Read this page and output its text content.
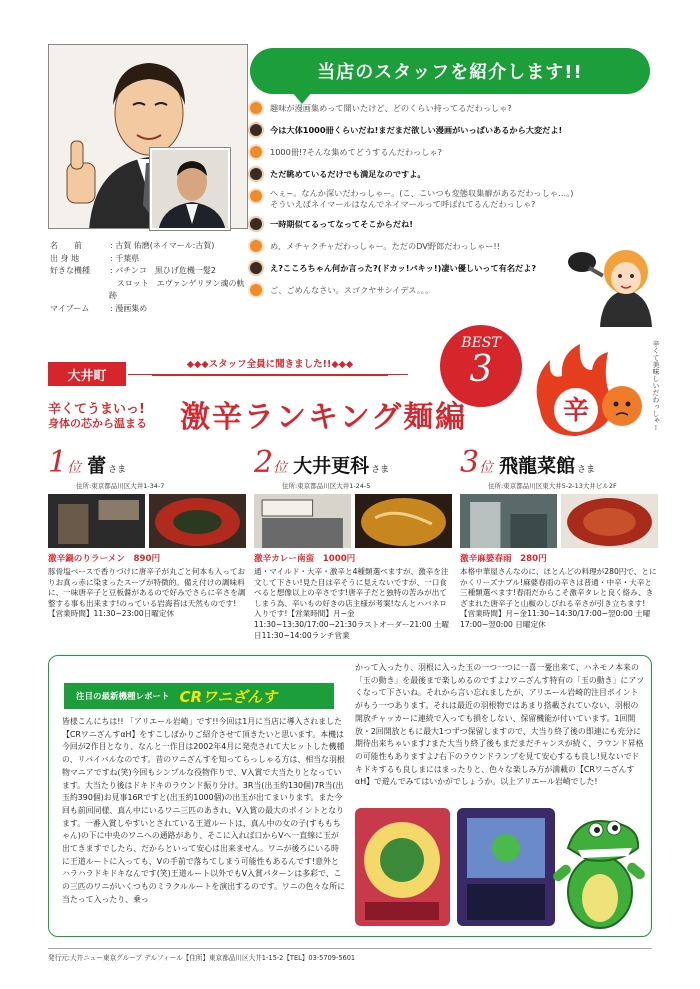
名　　前	: 古賀 佑磨(ネイマール:古賀)
出 身 地	: 千葉県
好きな機種	: パチンコ　黒ひげ危機一髪2
　スロット　エヴァンゲリヲン魂の軌跡
マイブーム	: 漫画集め
当店のスタッフを紹介します!!
趣味が漫画集めって聞いたけど、どのくらい持ってるだわっしゃ?
今は大体1000冊くらいだね!まだまだ欲しい漫画がいっぱいあるから大変だよ!
1000冊!?そんな集めてどうするんだわっしゃ?
ただ眺めているだけでも満足なのですよ。
へぇ~。なんか深いだわっしゃー。(こ、こいつも変態収集癖があるだわっしゃ…。)
そういえばネイマールはなんでネイマールって呼ばれてるんだわっしゃ?
一時期似てるってなってそこからだね!
め、メチャクチャだわっしゃー。ただのDV野郎だわっしゃー!!
え?こころちゃん何か言った?(ドカッ!バキッ!)凄い優しいって有名だよ?
ご、ごめんなさい。スゴクヤサシイデス。。。
大井町
◆◆◆スタッフ全員に聞きました!!◆◆◆
BEST
3
辛	辛くて美味しいだわっしゃー
辛くてうまいっ!
身体の芯から温まる 激辛ランキング麺編
1 位 蕾 さま
住所:東京都品川区大井1-34-7
激辛鍋のりラーメン　890円
豚骨塩ベースで香りづけに唐辛子が丸ごと何本も入っておりお真っ赤に染まったスープが特徴的。備え付けの調味料に、一味唐辛子と豆板醤があるので好みでさらに辛さを調整する事も出来ます!のっている岩海苔は天然ものです!【営業時間】11:30~23:00日曜定休
2 位 大井更科 さま
住所:東京都品川区大井1-24-5
激辛カレー南蛮　1000円
通・マイルド・大辛・激辛と4種類選べますが、激辛を注文して下さい!見た目は辛そうに見えないですが、一口食べると想像以上の辛さです!唐辛子だと独特の苦みが出てしまう為、辛いもの好きの店主様が考案!なんとハバネロ入りです!【営業時間】月~金11:30~13:30/17:00~21:30ラストオーダー21:00 土曜日11:30~14:00ランチ営業
3 位 飛龍菜館 さま
住所:東京都品川区東大井5-2-13大井ビル2F
激辛麻婆春雨　280円
本格中華屋さんなのに、ほとんどの料理が280円で、とにかくリーズナブル!麻婆春雨の辛さは普通・中辛・大辛と三種類選べます!春雨だからこそ激辛タレと良く絡み、きざまれた唐辛子と山椒のしびれる辛さが引き立ちます!【営業時間】月~金11:30~14:30/17:00~翌0:00 土曜17:00~翌0:00 日曜定休
注目の最新機種レポート CRワニざんす
皆様こんにちは!! 「アリエール岩崎」です!!今回は1月に当店に導入されました【CRワニざんすαH】をすこしばかりご紹介させて頂きたいと思います。本機は今回が2作目となり、なんと一作目は2002年4月に発売されて大ヒットした機種の、リバイバルなのです。昔のワニざんすを知ってらっしゃる方は、相当な羽根物マニアですね(笑)今回もシンプルな役物作りで、V入賞で大当たりとなっています。大当たり後はドキドキのラウンド振り分け。3R当(出玉約130個)7R当(出玉約390個)お見事16Rですと(出玉約1000個)の出玉が出てまいります。また今回も前回同様、真ん中にいるワニ三匹のあきれ、V入賞の最大のポイントとなります。一番入賞しやすいとされている王道ルートは、真ん中の女の子(すももちゃん)の下に中央のワニへの通路があり、そこに入れば口からVへ一直線に玉が出てきますでしたら、だからといって安心は出来ません。ワニが後ろにいる時に王道ルートに入っても、Vの手前で落ちてしまう可能性もあるんです!意外とハラハラドキドキなんです(笑)王道ルート以外でもV入賞パターンは多彩で、この三匹のワニがいくつものミラクルルートを演出するのです。ワニの色々な所に当たって入ったり、乗っ
かって入ったり、羽根に入った玉の一つ一つに一喜一憂出来て、ハネモノ本来の「玉の動き」を最後まで楽しめるのですよ♪ワニざんす特有の「玉の動き」にアツくなって下さいね。それから言い忘れましたが、アリエール岩崎的注目ポイントがもう一つあります。それは最近の羽根物ではあまり搭載されていない、羽根の開放チャッカーに連続で入っても損をしない、保留機能が付いています。1回開放・2回開放ともに最大1つずつ保留しますので、大当り終了後の即連にも充分に期待出来ちゃいます♪また大当り終了後もまだまだチャンスが続く、ラウンド昇格の可能性もありますよ♪右下のラウンドランプを見て安心するも良し!見ないでドキドキするも良しまにはまったりと、色々な楽しみ方が満載の【CRワニざんすαH】で遊んでみてはいかがでしょうか。以上アリエール岩崎でした!
発行元:大井ニュー東京グループ デルフィール【住所】東京都品川区大井1-15-2【TEL】03-5709-5601
